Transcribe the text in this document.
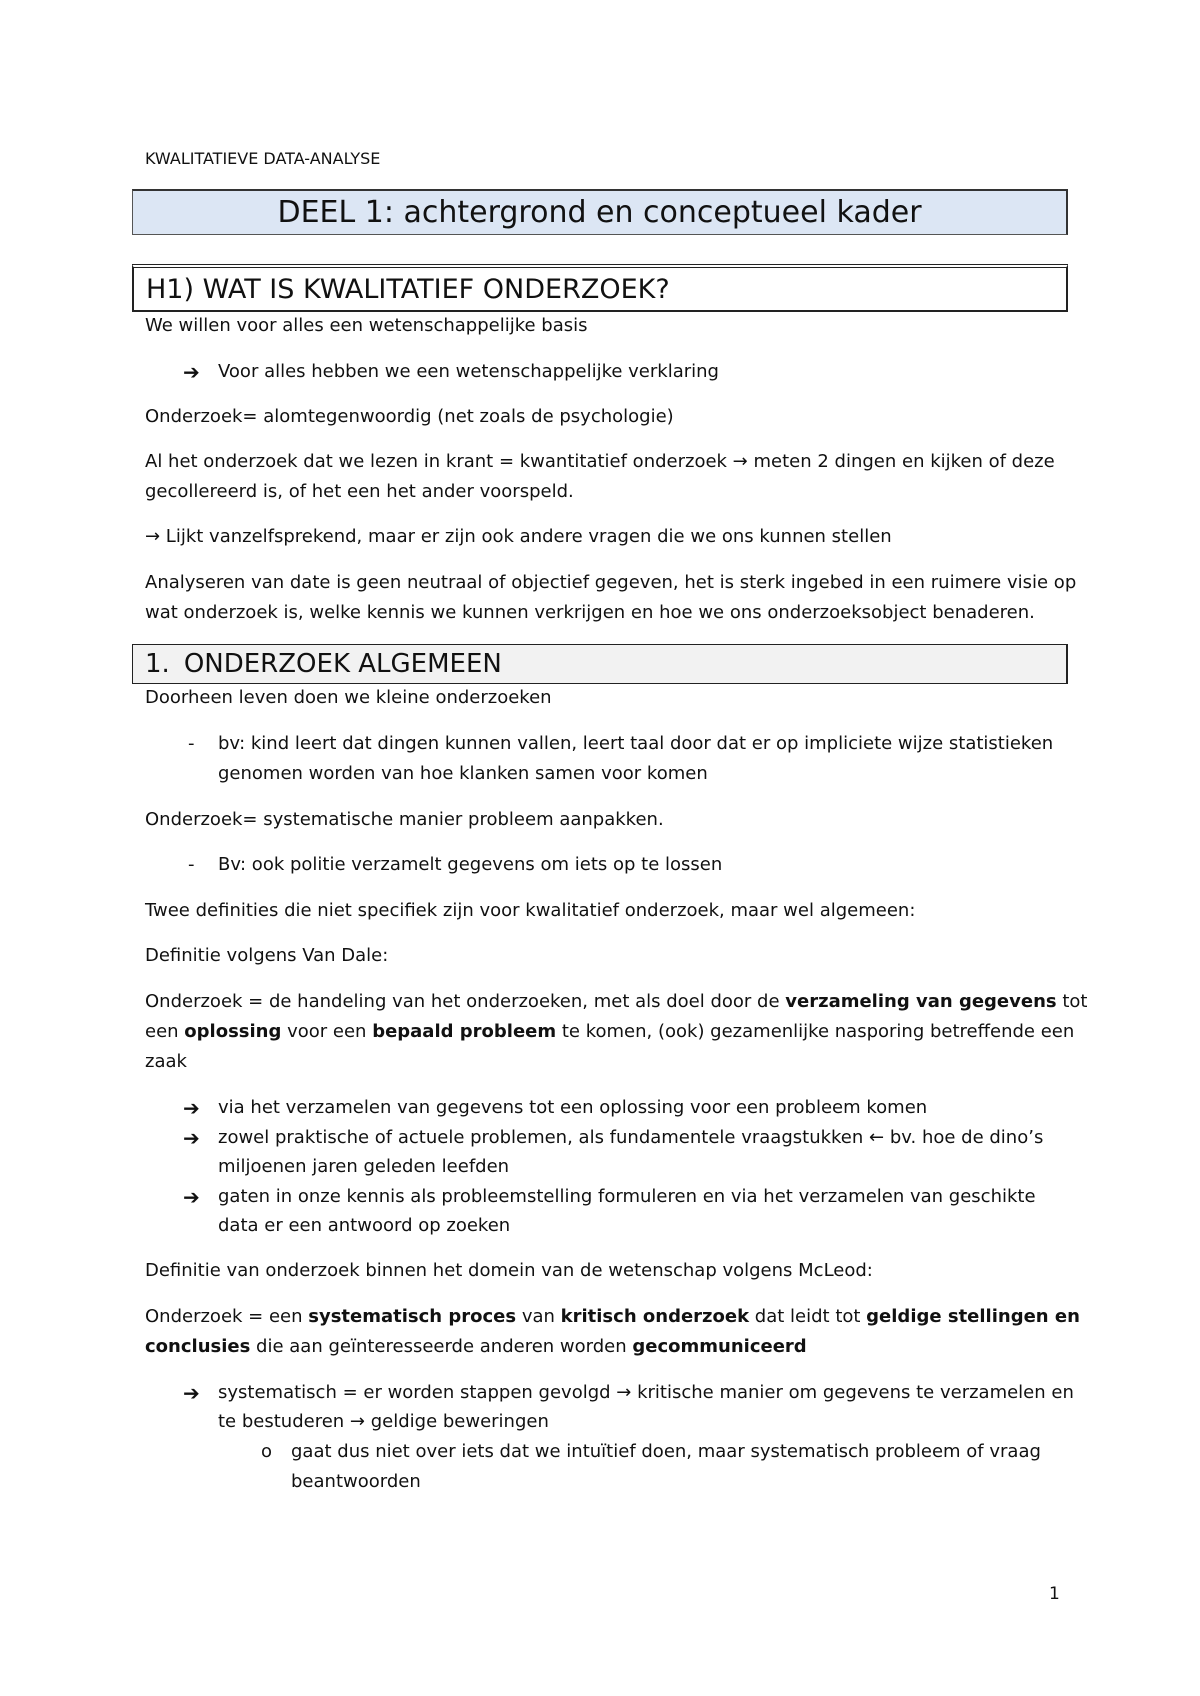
KWALITATIEVE DATA-ANALYSE
DEEL 1: achtergrond en conceptueel kader
H1) WAT IS KWALITATIEF ONDERZOEK?
We willen voor alles een wetenschappelijke basis
➔ Voor alles hebben we een wetenschappelijke verklaring
Onderzoek= alomtegenwoordig (net zoals de psychologie)
Al het onderzoek dat we lezen in krant = kwantitatief onderzoek → meten 2 dingen en kijken of deze
gecollereerd is, of het een het ander voorspeld.
→ Lijkt vanzelfsprekend, maar er zijn ook andere vragen die we ons kunnen stellen
Analyseren van date is geen neutraal of objectief gegeven, het is sterk ingebed in een ruimere visie op
wat onderzoek is, welke kennis we kunnen verkrijgen en hoe we ons onderzoeksobject benaderen.
1. ONDERZOEK ALGEMEEN
Doorheen leven doen we kleine onderzoeken
- bv: kind leert dat dingen kunnen vallen, leert taal door dat er op impliciete wijze statistieken
genomen worden van hoe klanken samen voor komen
Onderzoek= systematische manier probleem aanpakken.
- Bv: ook politie verzamelt gegevens om iets op te lossen
Twee definities die niet specifiek zijn voor kwalitatief onderzoek, maar wel algemeen:
Definitie volgens Van Dale:
Onderzoek = de handeling van het onderzoeken, met als doel door de verzameling van gegevens tot
een oplossing voor een bepaald probleem te komen, (ook) gezamenlijke nasporing betreffende een
zaak
➔ via het verzamelen van gegevens tot een oplossing voor een probleem komen
➔ zowel praktische of actuele problemen, als fundamentele vraagstukken ← bv. hoe de dino’s
miljoenen jaren geleden leefden
➔ gaten in onze kennis als probleemstelling formuleren en via het verzamelen van geschikte
data er een antwoord op zoeken
Definitie van onderzoek binnen het domein van de wetenschap volgens McLeod:
Onderzoek = een systematisch proces van kritisch onderzoek dat leidt tot geldige stellingen en
conclusies die aan geïnteresseerde anderen worden gecommuniceerd
➔ systematisch = er worden stappen gevolgd → kritische manier om gegevens te verzamelen en
te bestuderen → geldige beweringen
o gaat dus niet over iets dat we intuïtief doen, maar systematisch probleem of vraag
beantwoorden
1
